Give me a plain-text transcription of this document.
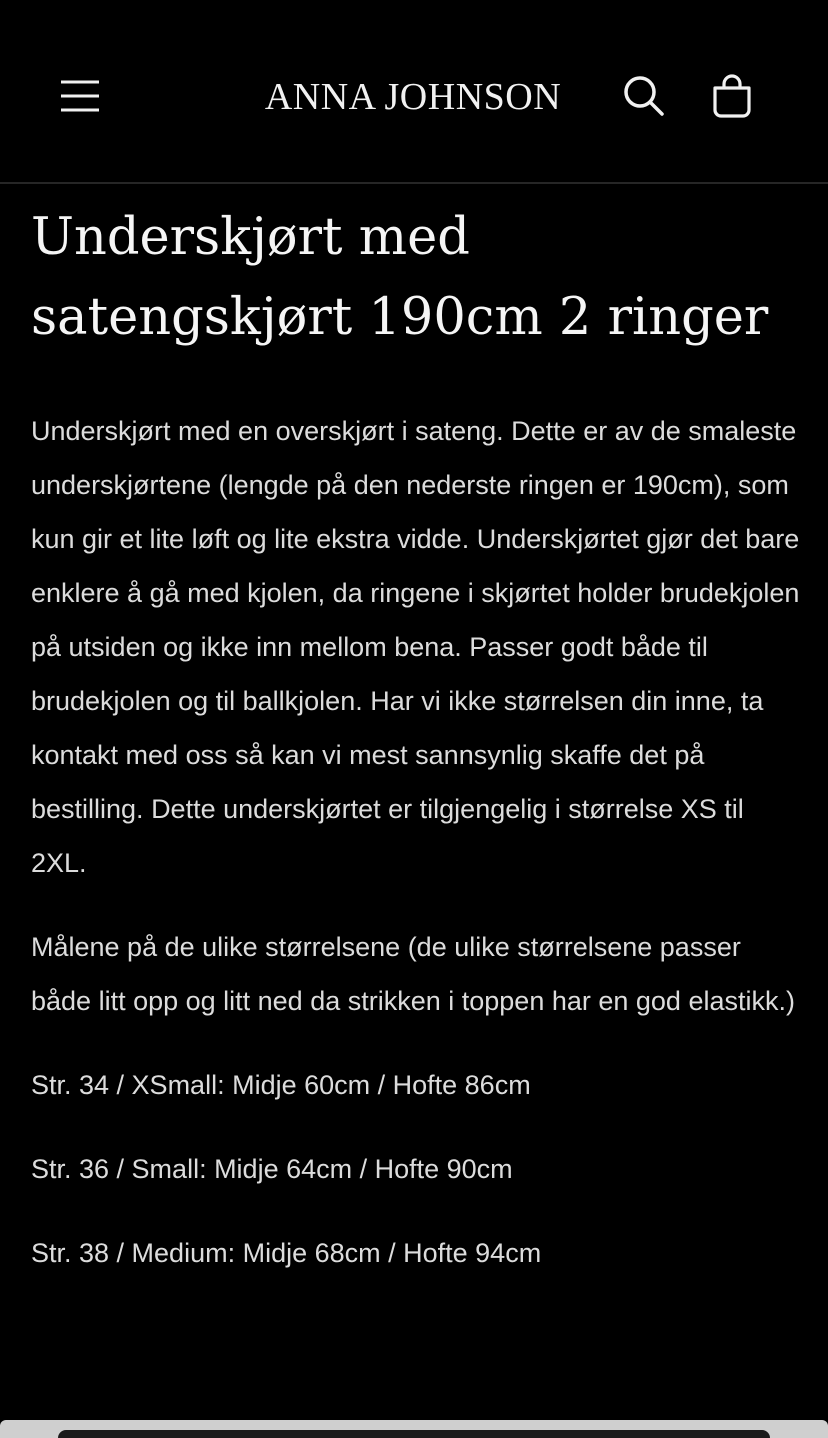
ANNA JOHNSON
Underskjørt med satengskjørt 190cm 2 ringer

Underskjørt med en overskjørt i sateng. Dette er av de smaleste underskjørtene (lengde på den nederste ringen er 190cm), som kun gir et lite løft og lite ekstra vidde. Underskjørtet gjør det bare enklere å gå med kjolen, da ringene i skjørtet holder brudekjolen på utsiden og ikke inn mellom bena. Passer godt både til brudekjolen og til ballkjolen. Har vi ikke størrelsen din inne, ta kontakt med oss så kan vi mest sannsynlig skaffe det på bestilling. Dette underskjørtet er tilgjengelig i størrelse XS til 2XL.

Målene på de ulike størrelsene (de ulike størrelsene passer både litt opp og litt ned da strikken i toppen har en god elastikk.)

Str. 34 / XSmall: Midje 60cm / Hofte 86cm

Str. 36 / Small: Midje 64cm / Hofte 90cm

Str. 38 / Medium: Midje 68cm / Hofte 94cm
